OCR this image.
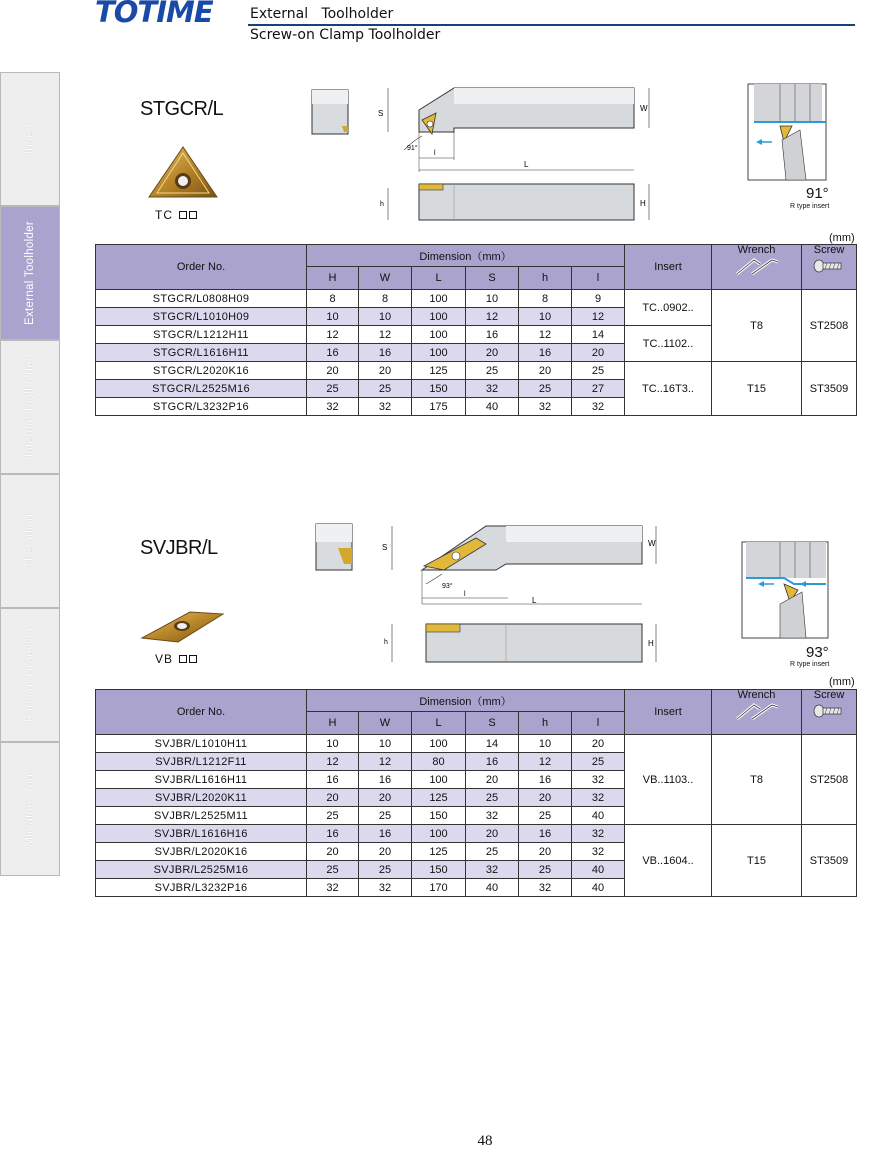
TOTIME	External   Toolholder
Screw-on Clamp Toolholder
Insert
External Toolholder
Internal Toolholder
Therading
Parting  Grooving
Miniature Tool
STGCR/L
TC
S
W
l
L
91°
h	H
91°
R type insert
(mm)
Order No.	Dimension（mm）						Insert	Wrench	Screw

	H	W	L	S	h	l			
STGCR/L0808H09	8	8	100	10	8	9	TC..0902..	T8	ST2508
STGCR/L1010H09	10	10	100	12	10	12			
STGCR/L1212H11	12	12	100	16	12	14	TC..1102..		
STGCR/L1616H11	16	16	100	20	16	20			
STGCR/L2020K16	20	20	125	25	20	25	TC..16T3..	T15	ST3509
STGCR/L2525M16	25	25	150	32	25	27			
STGCR/L3232P16	32	32	175	40	32	32			
SVJBR/L
VB
S	W
l
L
93°
h	H
93°
R type insert
(mm)
Order No.	Dimension（mm）						Insert	Wrench	Screw

	H	W	L	S	h	l			
SVJBR/L1010H11	10	10	100	14	10	20	VB..1103..	T8	ST2508
SVJBR/L1212F11	12	12	80	16	12	25			
SVJBR/L1616H11	16	16	100	20	16	32			
SVJBR/L2020K11	20	20	125	25	20	32			
SVJBR/L2525M11	25	25	150	32	25	40			
SVJBR/L1616H16	16	16	100	20	16	32	VB..1604..	T15	ST3509
SVJBR/L2020K16	20	20	125	25	20	32			
SVJBR/L2525M16	25	25	150	32	25	40			
SVJBR/L3232P16	32	32	170	40	32	40			
48
